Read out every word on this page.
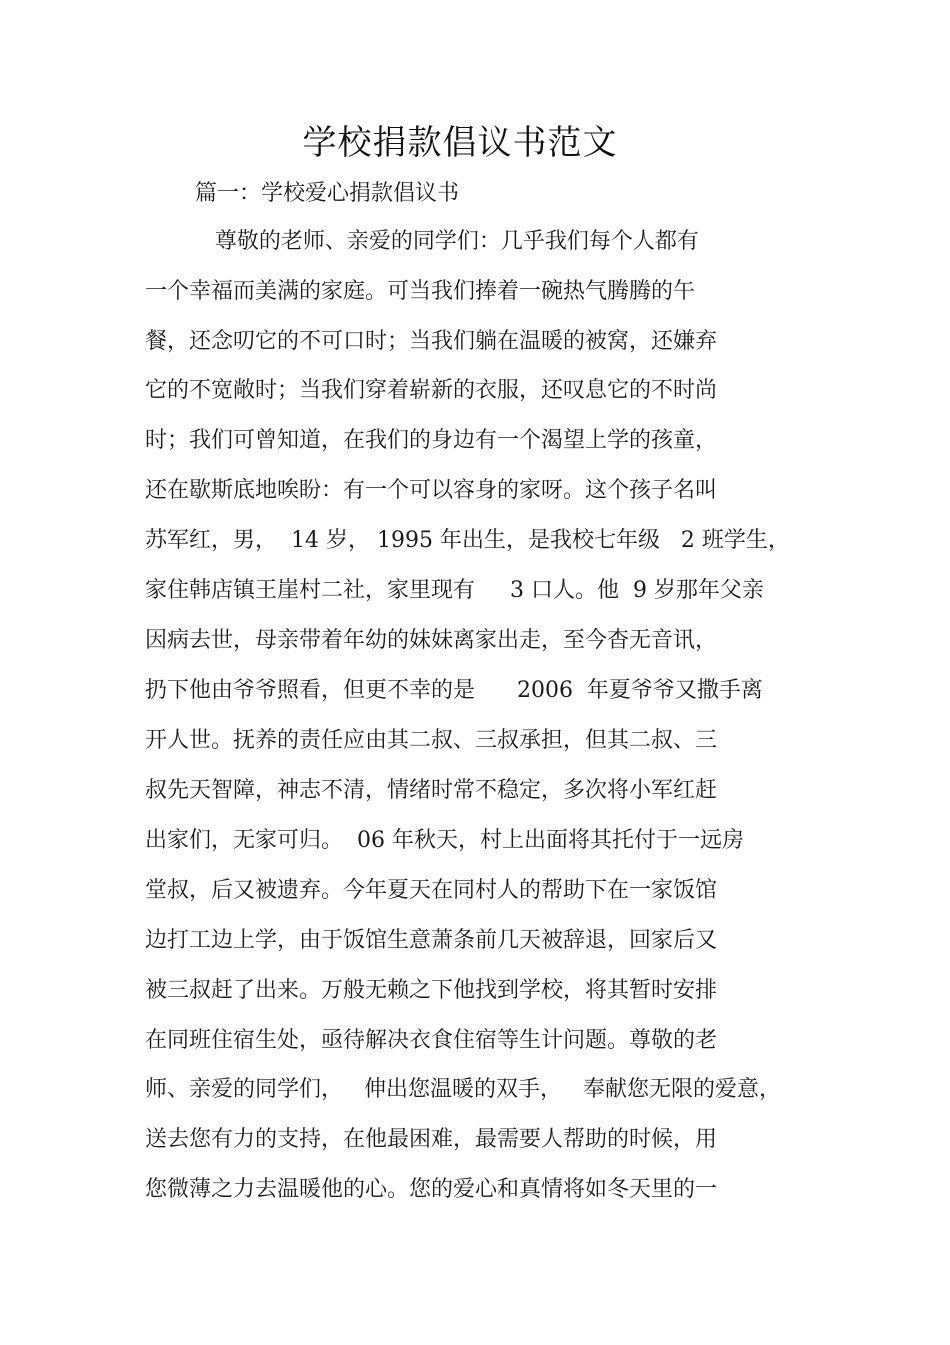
学校捐款倡议书范文
篇一：学校爱心捐款倡议书
尊敬的老师、亲爱的同学们：几乎我们每个人都有
一个幸福而美满的家庭。可当我们捧着一碗热气腾腾的午
餐，还念叨它的不可口时；当我们躺在温暖的被窝，还嫌弃
它的不宽敞时；当我们穿着崭新的衣服，还叹息它的不时尚
时；我们可曾知道，在我们的身边有一个渴望上学的孩童，
还在歇斯底地唉盼：有一个可以容身的家呀。这个孩子名叫
苏军红，男，  14 岁， 1995 年出生，是我校七年级   2 班学生，
家住韩店镇王崖村二社，家里现有     3 口人。他  9 岁那年父亲
因病去世，母亲带着年幼的妹妹离家出走，至今杳无音讯，
扔下他由爷爷照看，但更不幸的是      2006  年夏爷爷又撒手离
开人世。抚养的责任应由其二叔、三叔承担，但其二叔、三
叔先天智障，神志不清，情绪时常不稳定，多次将小军红赶
出家们，无家可归。  06 年秋天，村上出面将其托付于一远房
堂叔，后又被遗弃。今年夏天在同村人的帮助下在一家饭馆
边打工边上学，由于饭馆生意萧条前几天被辞退，回家后又
被三叔赶了出来。万般无赖之下他找到学校，将其暂时安排
在同班住宿生处，亟待解决衣食住宿等生计问题。尊敬的老
师、亲爱的同学们，   伸出您温暖的双手，   奉献您无限的爱意，
送去您有力的支持，在他最困难，最需要人帮助的时候，用
您微薄之力去温暖他的心。您的爱心和真情将如冬天里的一
